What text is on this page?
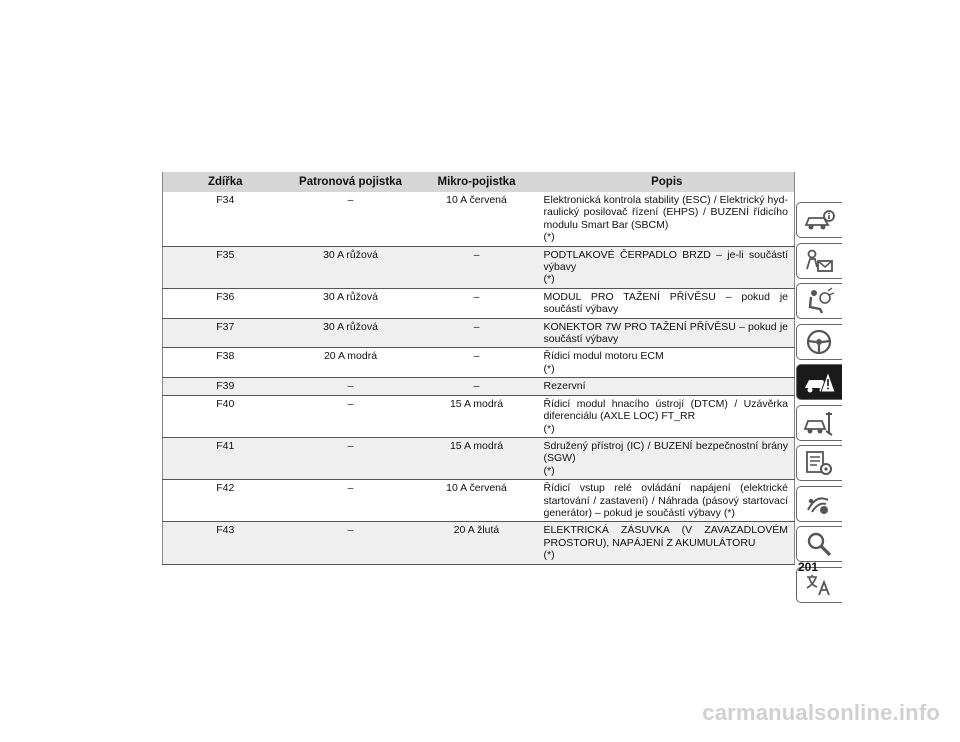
Zdířka	Patronová pojistka	Mikro-pojistka	Popis
F34	–	10 A červená	Elektronická kontrola stability (ESC) / Elektrický hydraulický posilovač řízení (EHPS) / BUZENÍ řídicího modulu Smart Bar (SBCM)
(*)
F35	30 A růžová	–	PODTLAKOVÉ ČERPADLO BRZD – je-li součástí výbavy
(*)
F36	30 A růžová	–	MODUL PRO TAŽENÍ PŘÍVĚSU – pokud je součástí výbavy
F37	30 A růžová	–	KONEKTOR 7W PRO TAŽENÍ PŘÍVĚSU – pokud je součástí výbavy
F38	20 A modrá	–	Řídicí modul motoru ECM
(*)
F39	–	–	Rezervní
F40	–	15 A modrá	Řídicí modul hnacího ústrojí (DTCM) / Uzávěrka diferenciálu (AXLE LOC) FT_RR
(*)
F41	–	15 A modrá	Sdružený přístroj (IC) / BUZENÍ bezpečnostní brány (SGW)
(*)
F42	–	10 A červená	Řídicí vstup relé ovládání napájení (elektrické startování / zastavení) / Náhrada (pásový startovací generátor) – pokud je součástí výbavy (*)
F43	–	20 A žlutá	ELEKTRICKÁ ZÁSUVKA (V ZAVAZADLOVÉM PROSTORU), NAPÁJENÍ Z AKUMULÁTORU
(*)
201
carmanualsonline.info
